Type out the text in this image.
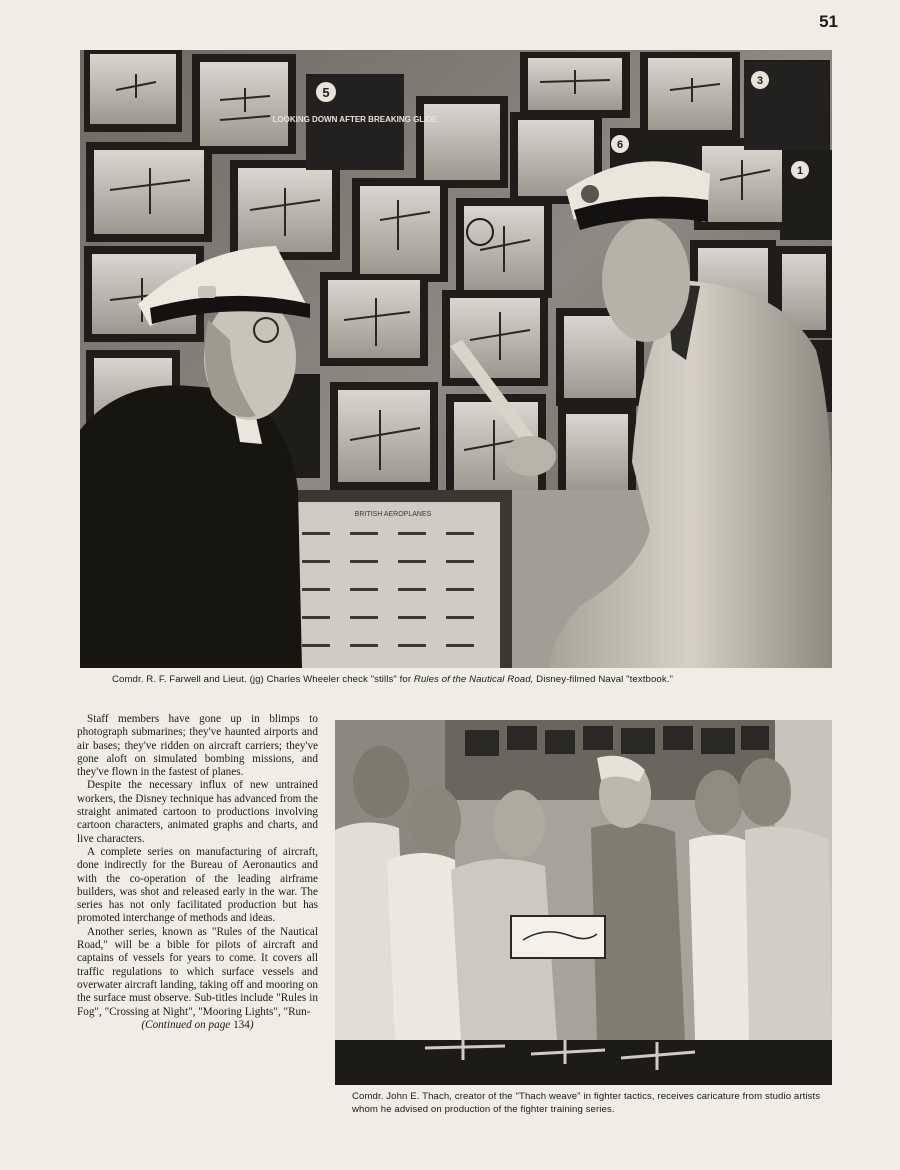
51
5
LOOKING DOWN AFTER BREAKING GLIDE
3
6
1
BRITISH AEROPLANES
Comdr. R. F. Farwell and Lieut. (jg) Charles Wheeler check "stills" for Rules of the Nautical Road, Disney-filmed Naval "textbook."

Staff members have gone up in blimps to photograph submarines; they've haunted airports and air bases; they've ridden on aircraft carriers; they've gone aloft on simulated bombing missions, and they've flown in the fastest of planes.

Despite the necessary influx of new untrained workers, the Disney technique has advanced from the straight animated cartoon to productions involving cartoon characters, animated graphs and charts, and live characters.

A complete series on manufacturing of aircraft, done indirectly for the Bureau of Aeronautics and with the co-operation of the leading airframe builders, was shot and released early in the war. The series has not only facilitated production but has promoted interchange of methods and ideas.

Another series, known as "Rules of the Nautical Road," will be a bible for pilots of aircraft and captains of vessels for years to come. It covers all traffic regulations to which surface vessels and overwater aircraft landing, taking off and mooring on the surface must observe. Sub-titles include "Rules in Fog", "Crossing at Night", "Mooring Lights", "Run-

(Continued on page 134)

Comdr. John E. Thach, creator of the "Thach weave" in fighter tactics, receives caricature from studio artists whom he advised on production of the fighter training series.
